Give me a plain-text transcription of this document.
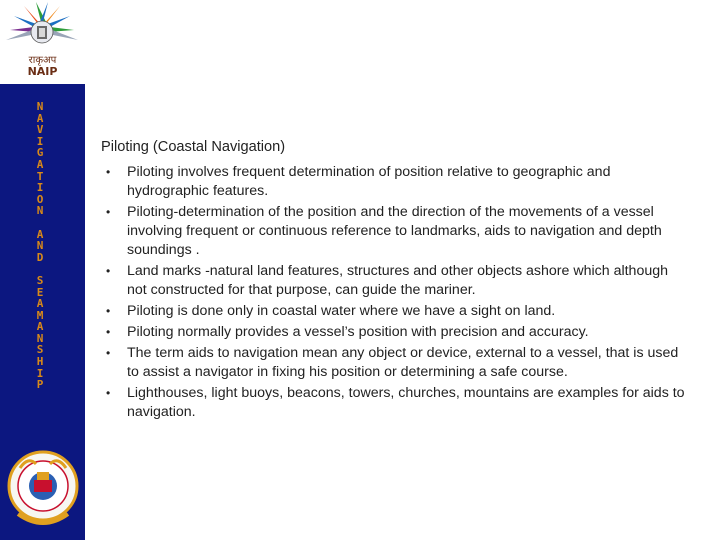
राकृअप
NAIP
N
A
V
I
G
A
T
I
O
N
A
N
D
S
E
A
M
A
N
S
H
I
P
Piloting (Coastal Navigation)
• Piloting involves frequent determination of position relative to geographic and hydrographic features.
• Piloting-determination of the position and the direction of the movements of a vessel involving frequent or continuous reference to landmarks, aids to navigation and depth soundings .
• Land marks -natural land features, structures and other objects ashore which although not constructed for that purpose, can guide the mariner.
• Piloting is done only in coastal water where we have a sight on land.
• Piloting normally provides a vessel’s position with precision and accuracy.
• The term aids to navigation mean any object or device, external to a vessel, that is used to assist a navigator in fixing his position or determining a safe course.
• Lighthouses, light buoys, beacons, towers, churches, mountains are examples for aids to navigation.
